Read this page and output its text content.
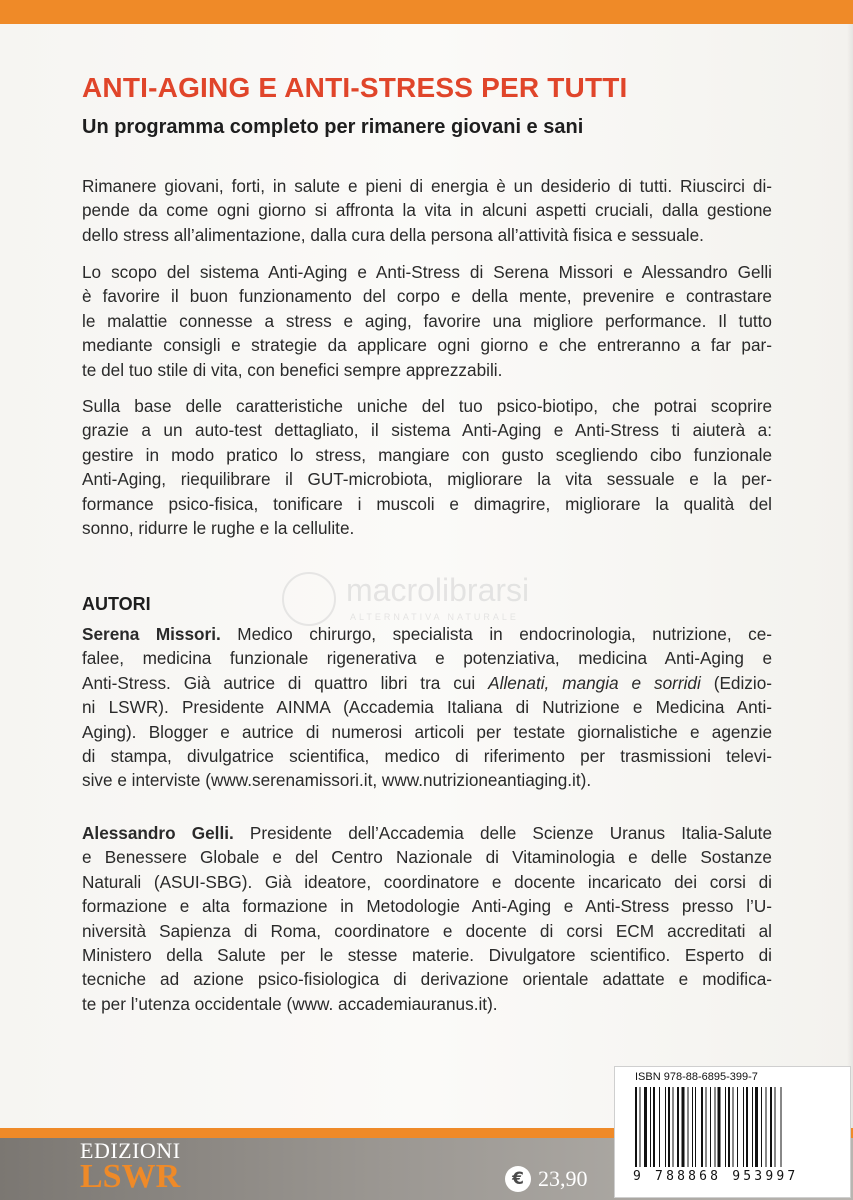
ANTI-AGING E ANTI-STRESS PER TUTTI
Un programma completo per rimanere giovani e sani

Rimanere giovani, forti, in salute e pieni di energia è un desiderio di tutti. Riuscirci di-
pende da come ogni giorno si affronta la vita in alcuni aspetti cruciali, dalla gestione
dello stress all’alimentazione, dalla cura della persona all’attività fisica e sessuale.

Lo scopo del sistema Anti-Aging e Anti-Stress di Serena Missori e Alessandro Gelli
è favorire il buon funzionamento del corpo e della mente, prevenire e contrastare
le malattie connesse a stress e aging, favorire una migliore performance. Il tutto
mediante consigli e strategie da applicare ogni giorno e che entreranno a far par-
te del tuo stile di vita, con benefici sempre apprezzabili.

Sulla base delle caratteristiche uniche del tuo psico-biotipo, che potrai scoprire
grazie a un auto-test dettagliato, il sistema Anti-Aging e Anti-Stress ti aiuterà a:
gestire in modo pratico lo stress, mangiare con gusto scegliendo cibo funzionale
Anti-Aging, riequilibrare il GUT-microbiota, migliorare la vita sessuale e la per-
formance psico-fisica, tonificare i muscoli e dimagrire, migliorare la qualità del
sonno, ridurre le rughe e la cellulite.

macrolibrarsi
ALTERNATIVA NATURALE
AUTORI

Serena Missori. Medico chirurgo, specialista in endocrinologia, nutrizione, ce-
falee, medicina funzionale rigenerativa e potenziativa, medicina Anti-Aging e
Anti-Stress. Già autrice di quattro libri tra cui Allenati, mangia e sorridi (Edizio-
ni LSWR). Presidente AINMA (Accademia Italiana di Nutrizione e Medicina Anti-
Aging). Blogger e autrice di numerosi articoli per testate giornalistiche e agenzie
di stampa, divulgatrice scientifica, medico di riferimento per trasmissioni televi-
sive e interviste (www.serenamissori.it, www.nutrizioneantiaging.it).

Alessandro Gelli. Presidente dell’Accademia delle Scienze Uranus Italia-Salute
e Benessere Globale e del Centro Nazionale di Vitaminologia e delle Sostanze
Naturali (ASUI-SBG). Già ideatore, coordinatore e docente incaricato dei corsi di
formazione e alta formazione in Metodologie Anti-Aging e Anti-Stress presso l’U-
niversità Sapienza di Roma, coordinatore e docente di corsi ECM accreditati al
Ministero della Salute per le stesse materie. Divulgatore scientifico. Esperto di
tecniche ad azione psico-fisiologica di derivazione orientale adattate e modifica-
te per l’utenza occidentale (www. accademiauranus.it).

EDIZIONI
LSWR	€ 23,90
ISBN 978-88-6895-399-7
9 788868 953997
